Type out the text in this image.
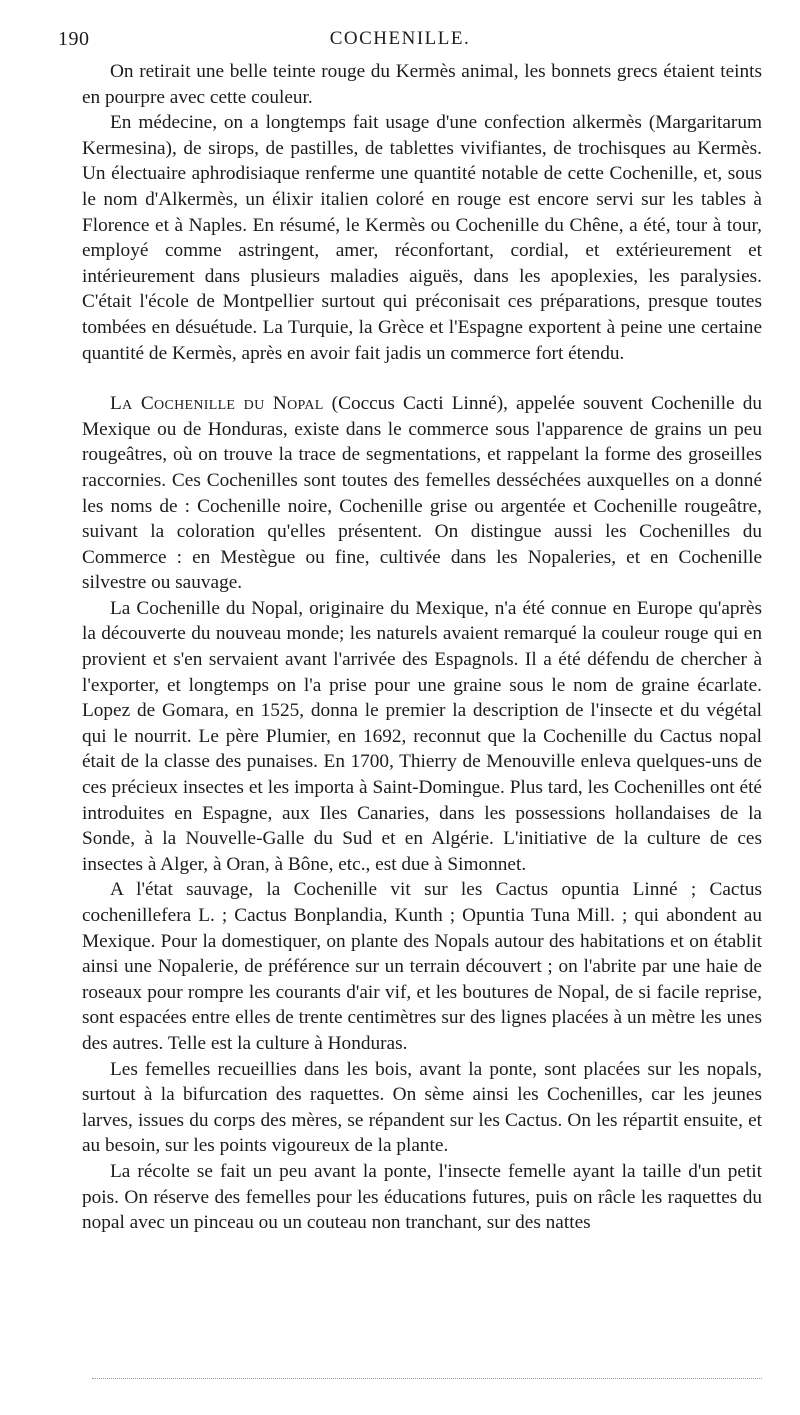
190	COCHENILLE.

On retirait une belle teinte rouge du Kermès animal, les bonnets grecs étaient teints en pourpre avec cette couleur.

En médecine, on a longtemps fait usage d'une confection alkermès (Margaritarum Kermesina), de sirops, de pastilles, de tablettes vivifiantes, de trochisques au Kermès. Un électuaire aphrodisiaque renferme une quantité notable de cette Cochenille, et, sous le nom d'Alkermès, un élixir italien coloré en rouge est encore servi sur les tables à Florence et à Naples. En résumé, le Kermès ou Cochenille du Chêne, a été, tour à tour, employé comme astringent, amer, réconfortant, cordial, et extérieurement et intérieurement dans plusieurs maladies aiguës, dans les apoplexies, les paralysies. C'était l'école de Montpellier surtout qui préconisait ces préparations, presque toutes tombées en désuétude. La Turquie, la Grèce et l'Espagne exportent à peine une certaine quantité de Kermès, après en avoir fait jadis un commerce fort étendu.

La Cochenille du Nopal (Coccus Cacti Linné), appelée souvent Cochenille du Mexique ou de Honduras, existe dans le commerce sous l'apparence de grains un peu rougeâtres, où on trouve la trace de segmentations, et rappelant la forme des groseilles raccornies. Ces Cochenilles sont toutes des femelles desséchées auxquelles on a donné les noms de : Cochenille noire, Cochenille grise ou argentée et Cochenille rougeâtre, suivant la coloration qu'elles présentent. On distingue aussi les Cochenilles du Commerce : en Mestègue ou fine, cultivée dans les Nopaleries, et en Cochenille silvestre ou sauvage.

La Cochenille du Nopal, originaire du Mexique, n'a été connue en Europe qu'après la découverte du nouveau monde; les naturels avaient remarqué la couleur rouge qui en provient et s'en servaient avant l'arrivée des Espagnols. Il a été défendu de chercher à l'exporter, et longtemps on l'a prise pour une graine sous le nom de graine écarlate. Lopez de Gomara, en 1525, donna le premier la description de l'insecte et du végétal qui le nourrit. Le père Plumier, en 1692, reconnut que la Cochenille du Cactus nopal était de la classe des punaises. En 1700, Thierry de Menouville enleva quelques-uns de ces précieux insectes et les importa à Saint-Domingue. Plus tard, les Cochenilles ont été introduites en Espagne, aux Iles Canaries, dans les possessions hollandaises de la Sonde, à la Nouvelle-Galle du Sud et en Algérie. L'initiative de la culture de ces insectes à Alger, à Oran, à Bône, etc., est due à Simonnet.

A l'état sauvage, la Cochenille vit sur les Cactus opuntia Linné ; Cactus cochenillefera L. ; Cactus Bonplandia, Kunth ; Opuntia Tuna Mill. ; qui abondent au Mexique. Pour la domestiquer, on plante des Nopals autour des habitations et on établit ainsi une Nopalerie, de préférence sur un terrain découvert ; on l'abrite par une haie de roseaux pour rompre les courants d'air vif, et les boutures de Nopal, de si facile reprise, sont espacées entre elles de trente centimètres sur des lignes placées à un mètre les unes des autres. Telle est la culture à Honduras.

Les femelles recueillies dans les bois, avant la ponte, sont placées sur les nopals, surtout à la bifurcation des raquettes. On sème ainsi les Cochenilles, car les jeunes larves, issues du corps des mères, se répandent sur les Cactus. On les répartit ensuite, et au besoin, sur les points vigoureux de la plante.

La récolte se fait un peu avant la ponte, l'insecte femelle ayant la taille d'un petit pois. On réserve des femelles pour les éducations futures, puis on râcle les raquettes du nopal avec un pinceau ou un couteau non tranchant, sur des nattes
